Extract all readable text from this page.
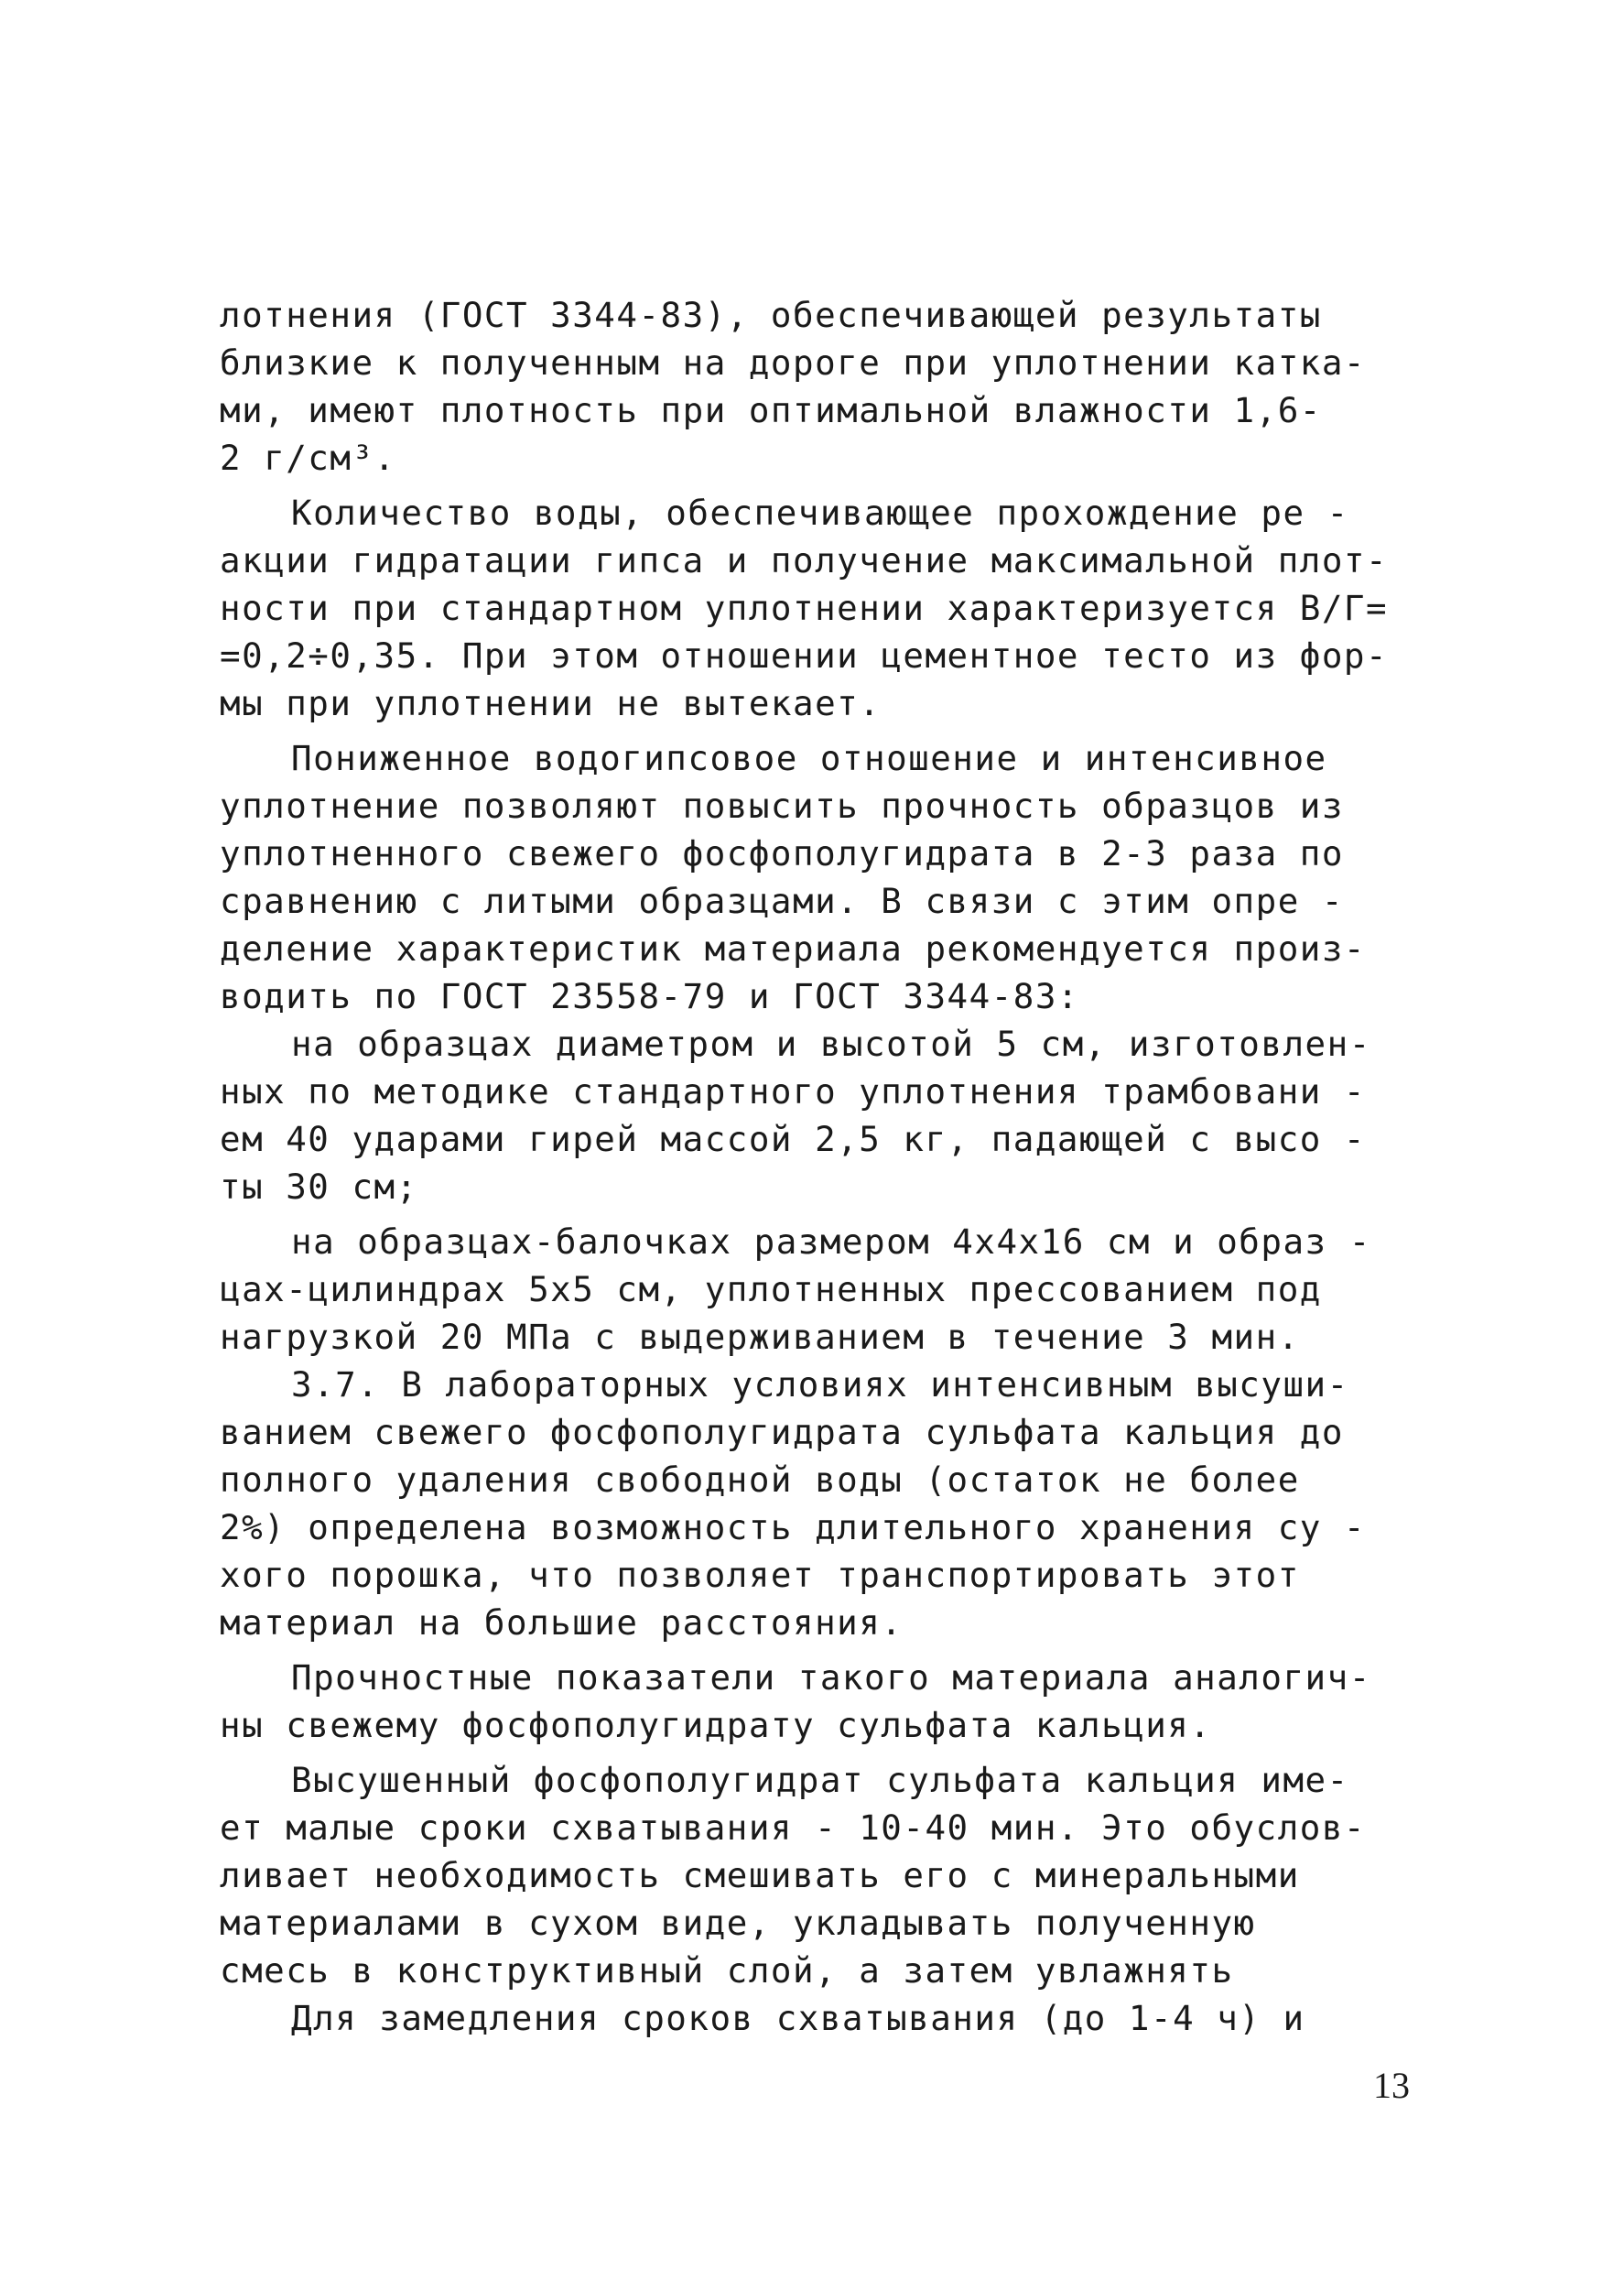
лотнения (ГОСТ 3344-83), обеспечивающей результаты
близкие к полученным на дороге при уплотнении катка-
ми, имеют плотность при оптимальной влажности 1,6-
2 г/см³.
Количество воды, обеспечивающее прохождение ре -
акции гидратации гипса и получение максимальной плот-
ности при стандартном уплотнении характеризуется В/Г=
=0,2÷0,35. При этом отношении цементное тесто из фор-
мы при уплотнении не вытекает.
Пониженное водогипсовое отношение и интенсивное
уплотнение позволяют повысить прочность образцов из
уплотненного свежего фосфополугидрата в 2-3 раза по
сравнению с литыми образцами. В связи с этим опре -
деление характеристик материала рекомендуется произ-
водить по ГОСТ 23558-79 и ГОСТ 3344-83:
на образцах диаметром и высотой 5 см, изготовлен-
ных по методике стандартного уплотнения трамбовани -
ем 40 ударами гирей массой 2,5 кг, падающей с высо -
ты 30 см;
на образцах-балочках размером 4х4х16 см и образ -
цах-цилиндрах 5х5 см, уплотненных прессованием под
нагрузкой 20 МПа с выдерживанием в течение 3 мин.
3.7. В лабораторных условиях интенсивным высуши-
ванием свежего фосфополугидрата сульфата кальция до
полного удаления свободной воды (остаток не более
2%) определена возможность длительного хранения су -
хого порошка, что позволяет транспортировать этот
материал на большие расстояния.
Прочностные показатели такого материала аналогич-
ны свежему фосфополугидрату сульфата кальция.
Высушенный фосфополугидрат сульфата кальция име-
ет малые сроки схватывания - 10-40 мин. Это обуслов-
ливает необходимость смешивать его с минеральными
материалами в сухом виде, укладывать полученную
смесь в конструктивный слой, а затем увлажнять
Для замедления сроков схватывания (до 1-4 ч) и
13
